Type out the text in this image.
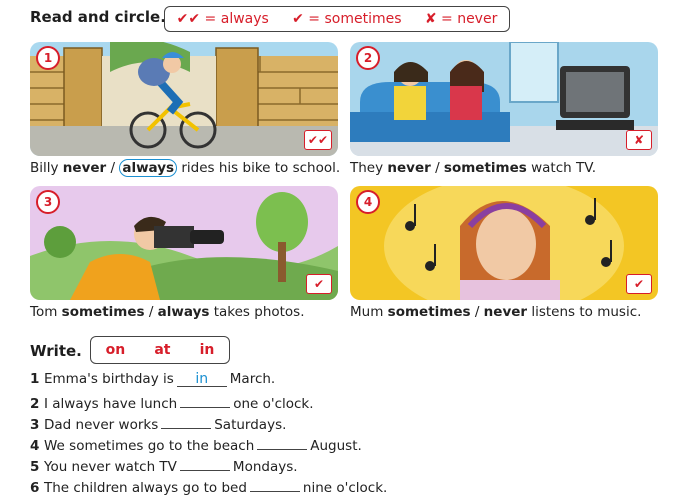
Read and circle. ✔✔ = always ✔ = sometimes ✘ = never
1
✔✔
Billy never / always rides his bike to school.
2
✘
They never / sometimes watch TV.
3
✔
Tom sometimes / always takes photos.
4
✔
Mum sometimes / never listens to music.
Write. on at in
1 Emma's birthday is in March.
2 I always have lunch	one o'clock.
3 Dad never works	Saturdays.
4 We sometimes go to the beach	August.
5 You never watch TV	Mondays.
6 The children always go to bed	nine o'clock.
